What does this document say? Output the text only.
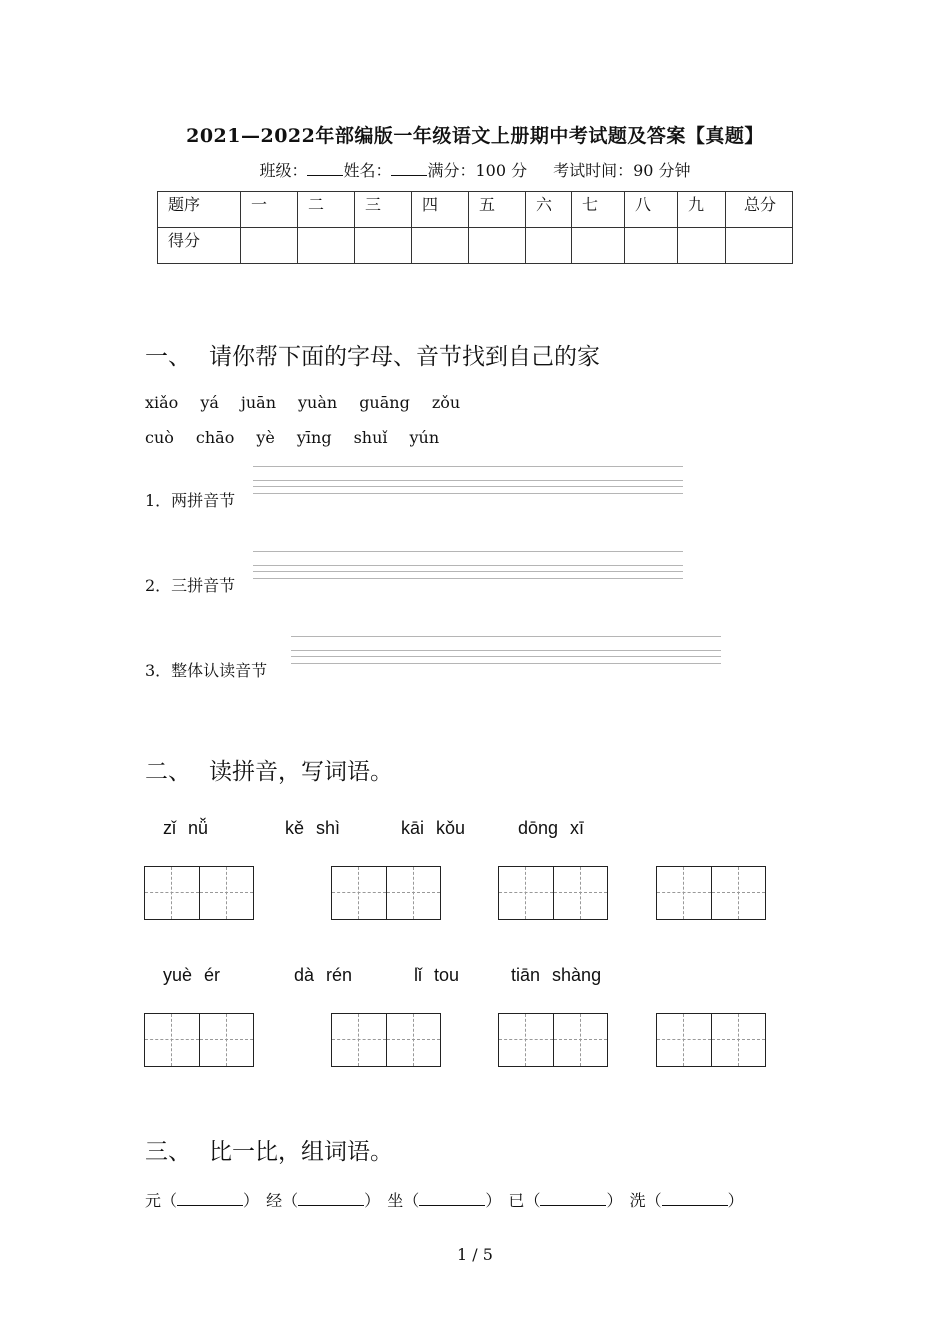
2021—2022年部编版一年级语文上册期中考试题及答案【真题】
班级： 姓名： 满分：100 分 考试时间：90 分钟
题序	一	二	三	四	五	六	七	八	九	总分
得分										
一、 请你帮下面的字母、音节找到自己的家
xiǎo yá juān yuàn guāng zǒu
cuò chāo yè yīng shuǐ yún
1．两拼音节
2．三拼音节
3．整体认读音节
二、 读拼音，写词语。
zǐ nǚ	kě shì	kāi kǒu	dōng xī
yuè ér	dà rén	lǐ tou	tiān shàng
三、 比一比，组词语。
元（	） 经（	） 坐（	） 已（	） 洗（	）
1 / 5
